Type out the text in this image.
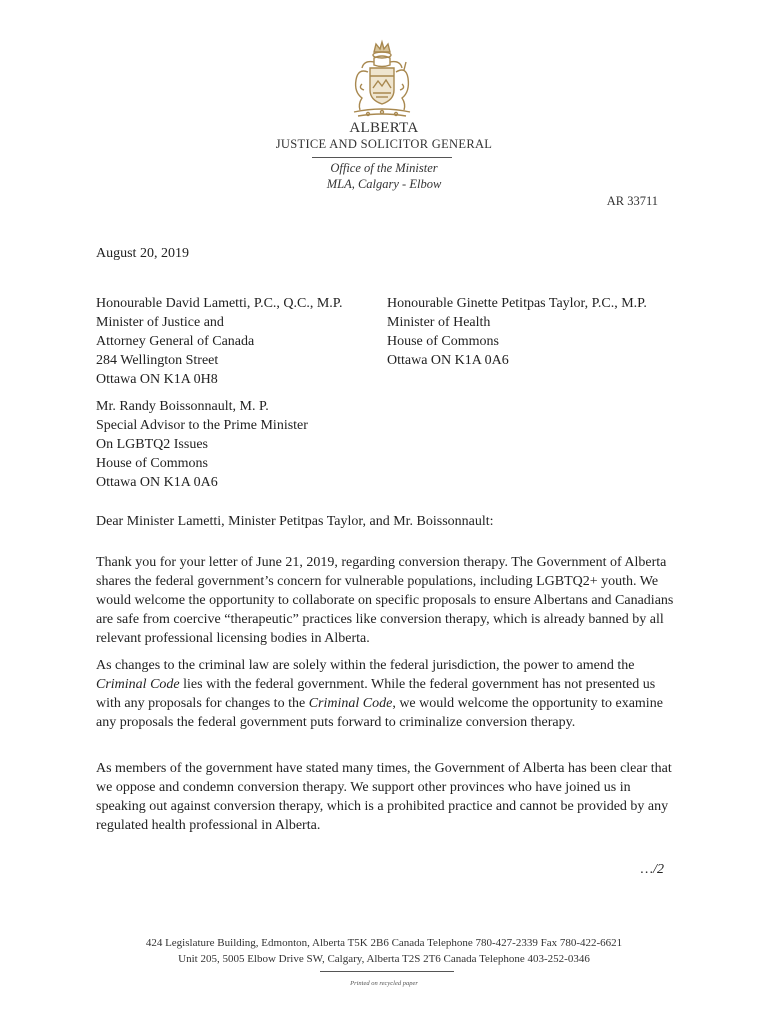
ALBERTA
JUSTICE AND SOLICITOR GENERAL
Office of the Minister
MLA, Calgary - Elbow
AR 33711
August 20, 2019
Honourable David Lametti, P.C., Q.C., M.P.
Minister of Justice and
Attorney General of Canada
284 Wellington Street
Ottawa ON K1A 0H8
Honourable Ginette Petitpas Taylor, P.C., M.P.
Minister of Health
House of Commons
Ottawa ON K1A 0A6
Mr. Randy Boissonnault, M. P.
Special Advisor to the Prime Minister
On LGBTQ2 Issues
House of Commons
Ottawa ON K1A 0A6
Dear Minister Lametti, Minister Petitpas Taylor, and Mr. Boissonnault:
Thank you for your letter of June 21, 2019, regarding conversion therapy. The Government of Alberta shares the federal government’s concern for vulnerable populations, including LGBTQ2+ youth. We would welcome the opportunity to collaborate on specific proposals to ensure Albertans and Canadians are safe from coercive “therapeutic” practices like conversion therapy, which is already banned by all relevant professional licensing bodies in Alberta.
As changes to the criminal law are solely within the federal jurisdiction, the power to amend the Criminal Code lies with the federal government. While the federal government has not presented us with any proposals for changes to the Criminal Code, we would welcome the opportunity to examine any proposals the federal government puts forward to criminalize conversion therapy.
As members of the government have stated many times, the Government of Alberta has been clear that we oppose and condemn conversion therapy. We support other provinces who have joined us in speaking out against conversion therapy, which is a prohibited practice and cannot be provided by any regulated health professional in Alberta.
…/2
424 Legislature Building, Edmonton, Alberta T5K 2B6 Canada Telephone 780-427-2339 Fax 780-422-6621
Unit 205, 5005 Elbow Drive SW, Calgary, Alberta T2S 2T6 Canada Telephone 403-252-0346
Printed on recycled paper
